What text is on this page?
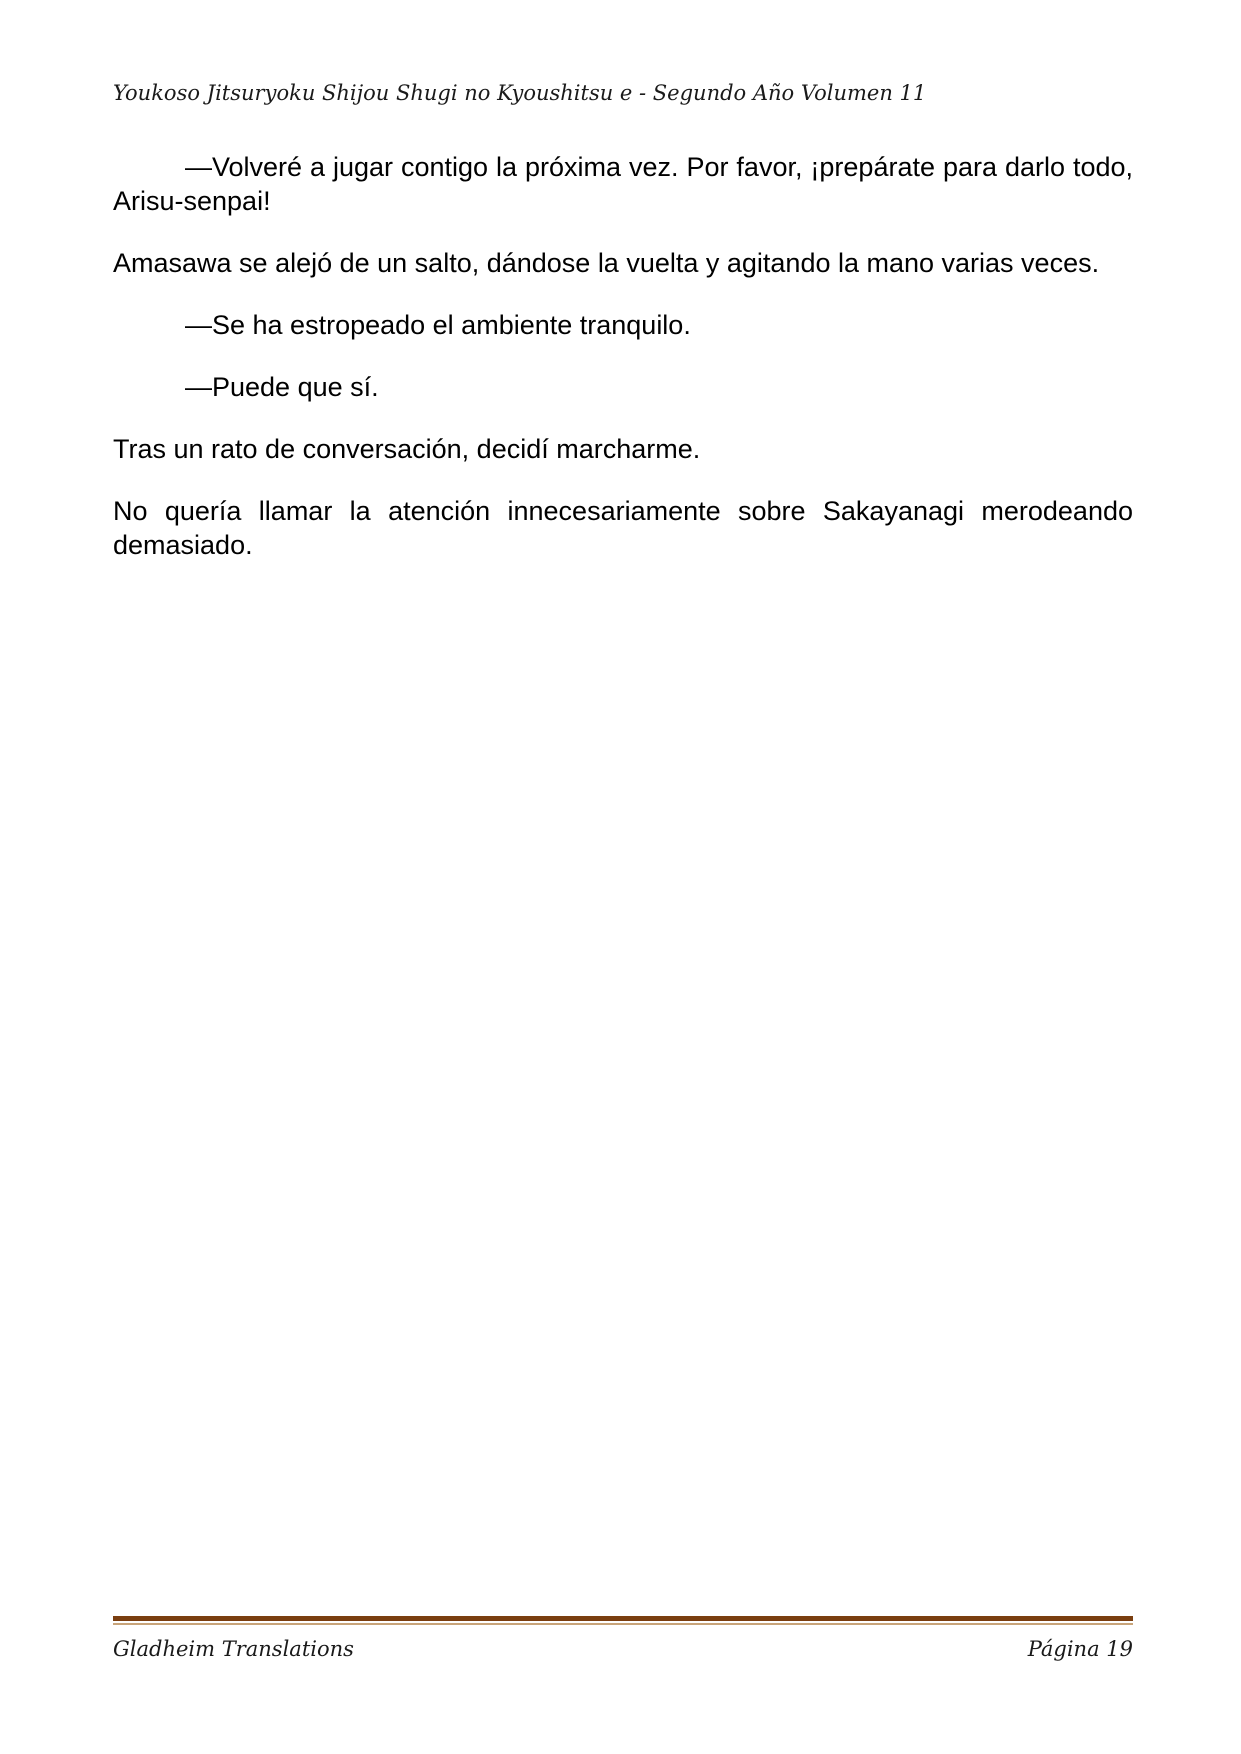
Youkoso Jitsuryoku Shijou Shugi no Kyoushitsu e - Segundo Año Volumen 11

—Volveré a jugar contigo la próxima vez. Por favor, ¡prepárate para darlo todo, Arisu-senpai!

Amasawa se alejó de un salto, dándose la vuelta y agitando la mano varias veces.

—Se ha estropeado el ambiente tranquilo.

—Puede que sí.

Tras un rato de conversación, decidí marcharme.

No quería llamar la atención innecesariamente sobre Sakayanagi merodeando demasiado.

Gladheim Translations	Página 19
